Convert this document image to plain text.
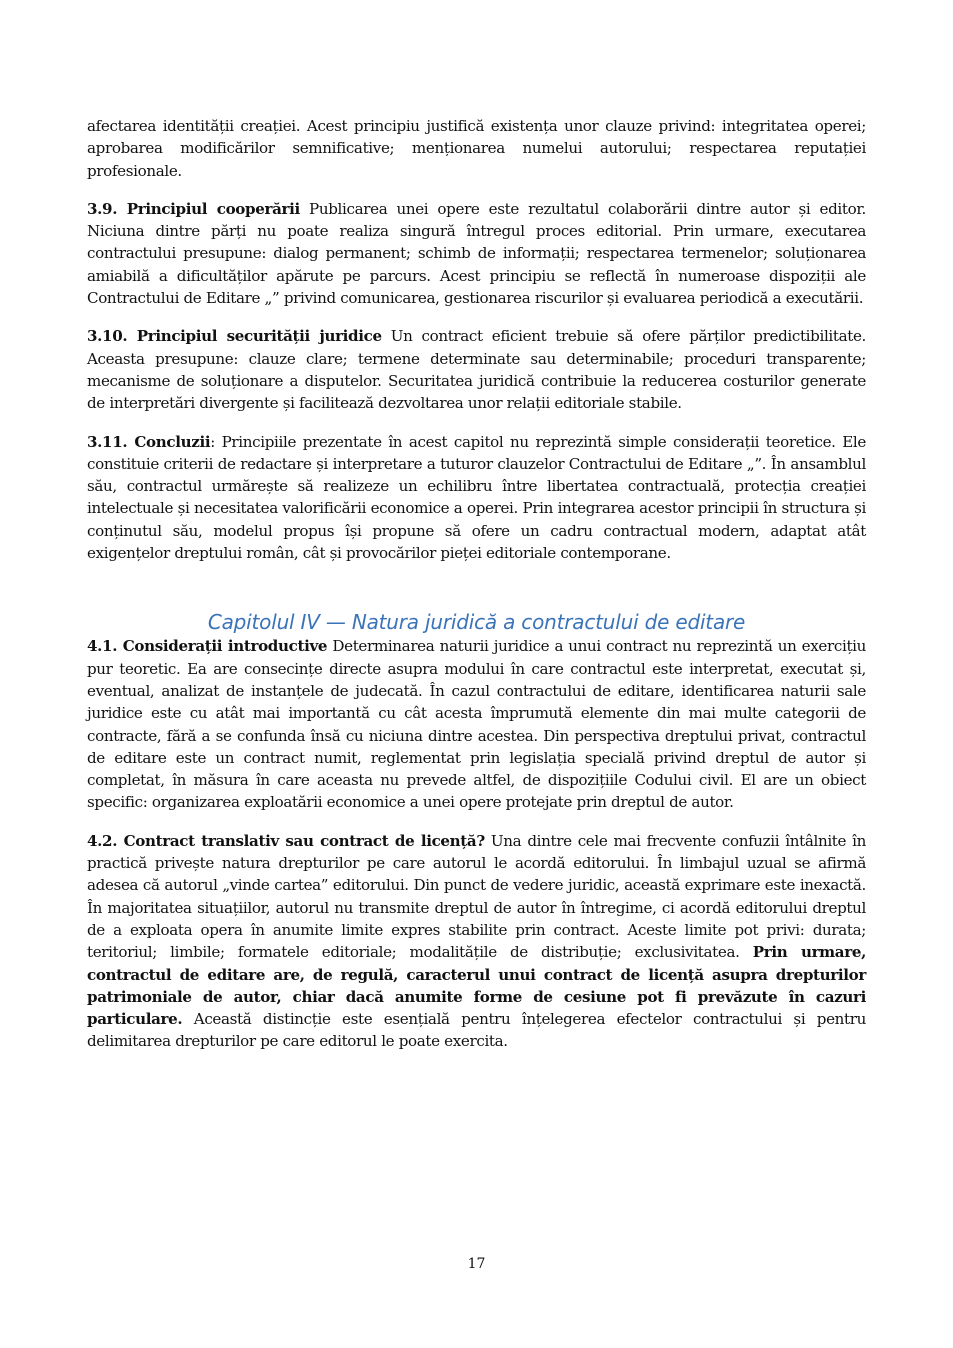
afectarea identității creației. Acest principiu justifică existența unor clauze privind: integritatea operei; aprobarea modificărilor semnificative; menționarea numelui autorului; respectarea reputației profesionale.

3.9. Principiul cooperării Publicarea unei opere este rezultatul colaborării dintre autor și editor. Niciuna dintre părți nu poate realiza singură întregul proces editorial. Prin urmare, executarea contractului presupune: dialog permanent; schimb de informații; respectarea termenelor; soluționarea amiabilă a dificultăților apărute pe parcurs. Acest principiu se reflectă în numeroase dispoziții ale Contractului de Editare „” privind comunicarea, gestionarea riscurilor și evaluarea periodică a executării.

3.10. Principiul securității juridice Un contract eficient trebuie să ofere părților predictibilitate. Aceasta presupune: clauze clare; termene determinate sau determinabile; proceduri transparente; mecanisme de soluționare a disputelor. Securitatea juridică contribuie la reducerea costurilor generate de interpretări divergente și facilitează dezvoltarea unor relații editoriale stabile.

3.11. Concluzii: Principiile prezentate în acest capitol nu reprezintă simple considerații teoretice. Ele constituie criterii de redactare și interpretare a tuturor clauzelor Contractului de Editare „”. În ansamblul său, contractul urmărește să realizeze un echilibru între libertatea contractuală, protecția creației intelectuale și necesitatea valorificării economice a operei. Prin integrarea acestor principii în structura și conținutul său, modelul propus își propune să ofere un cadru contractual modern, adaptat atât exigențelor dreptului român, cât și provocărilor pieței editoriale contemporane.

Capitolul IV — Natura juridică a contractului de editare

4.1. Considerații introductive Determinarea naturii juridice a unui contract nu reprezintă un exercițiu pur teoretic. Ea are consecințe directe asupra modului în care contractul este interpretat, executat și, eventual, analizat de instanțele de judecată. În cazul contractului de editare, identificarea naturii sale juridice este cu atât mai importantă cu cât acesta împrumută elemente din mai multe categorii de contracte, fără a se confunda însă cu niciuna dintre acestea. Din perspectiva dreptului privat, contractul de editare este un contract numit, reglementat prin legislația specială privind dreptul de autor și completat, în măsura în care aceasta nu prevede altfel, de dispozițiile Codului civil. El are un obiect specific: organizarea exploatării economice a unei opere protejate prin dreptul de autor.

4.2. Contract translativ sau contract de licență? Una dintre cele mai frecvente confuzii întâlnite în practică privește natura drepturilor pe care autorul le acordă editorului. În limbajul uzual se afirmă adesea că autorul „vinde cartea” editorului. Din punct de vedere juridic, această exprimare este inexactă. În majoritatea situațiilor, autorul nu transmite dreptul de autor în întregime, ci acordă editorului dreptul de a exploata opera în anumite limite expres stabilite prin contract. Aceste limite pot privi: durata; teritoriul; limbile; formatele editoriale; modalitățile de distribuție; exclusivitatea. Prin urmare, contractul de editare are, de regulă, caracterul unui contract de licență asupra drepturilor patrimoniale de autor, chiar dacă anumite forme de cesiune pot fi prevăzute în cazuri particulare. Această distincție este esențială pentru înțelegerea efectelor contractului și pentru delimitarea drepturilor pe care editorul le poate exercita.

17
